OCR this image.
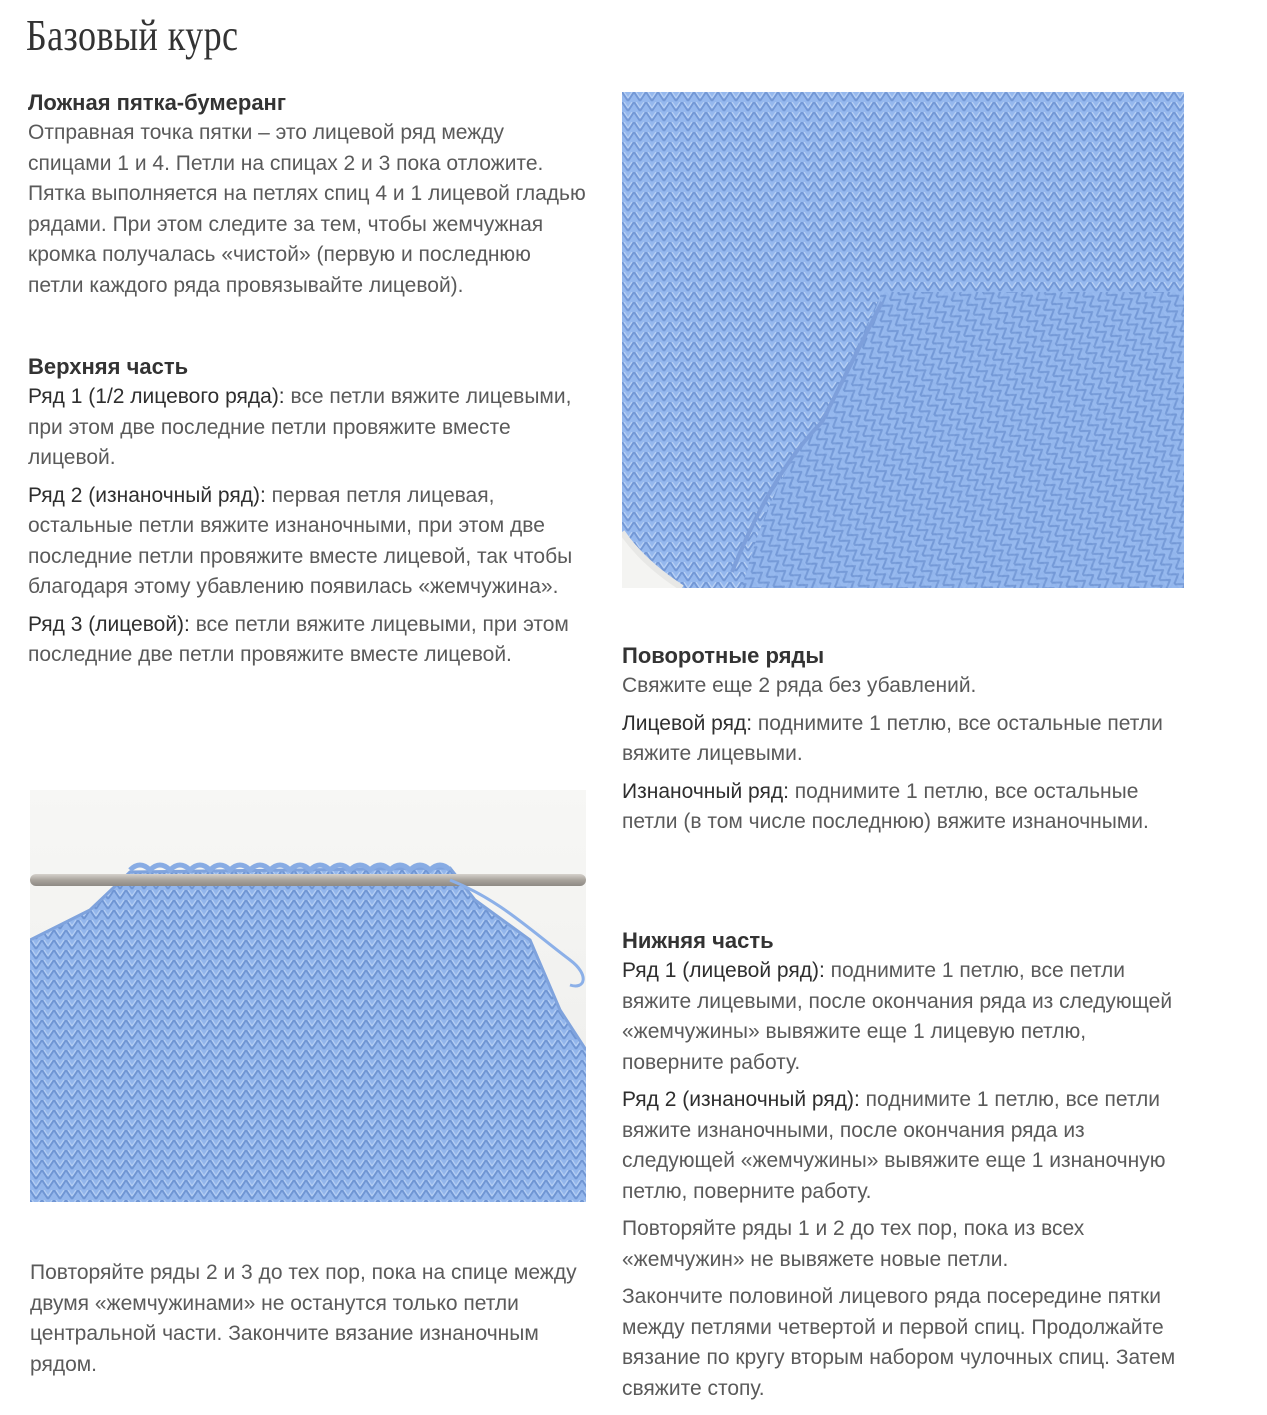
Базовый курс
Ложная пятка-бумеранг

Отправная точка пятки – это лицевой ряд между спицами 1 и 4. Петли на спицах 2 и 3 пока отложите. Пятка выполняется на петлях спиц 4 и 1 лицевой гладью рядами. При этом следите за тем, чтобы жемчужная кромка получалась «чистой» (первую и последнюю петли каждого ряда провязывайте лицевой).

Верхняя часть

Ряд 1 (1/2 лицевого ряда): все петли вяжите лицевыми, при этом две последние петли провяжите вместе лицевой.

Ряд 2 (изнаночный ряд): первая петля лицевая, остальные петли вяжите изнаночными, при этом две последние петли провяжите вместе лицевой, так чтобы благодаря этому убавлению появилась «жемчужина».

Ряд 3 (лицевой): все петли вяжите лицевыми, при этом последние две петли провяжите вместе лицевой.

Повторяйте ряды 2 и 3 до тех пор, пока на спице между двумя «жемчужинами» не останутся только петли центральной части. Закончите вязание изнаночным рядом.

Поворотные ряды

Свяжите еще 2 ряда без убавлений.

Лицевой ряд: поднимите 1 петлю, все остальные петли вяжите лицевыми.

Изнаночный ряд: поднимите 1 петлю, все остальные петли (в том числе последнюю) вяжите изнаночными.

Нижняя часть

Ряд 1 (лицевой ряд): поднимите 1 петлю, все петли вяжите лицевыми, после окончания ряда из следующей «жемчужины» вывяжите еще 1 лицевую петлю, поверните работу.

Ряд 2 (изнаночный ряд): поднимите 1 петлю, все петли вяжите изнаночными, после окончания ряда из следующей «жемчужины» вывяжите еще 1 изнаночную петлю, поверните работу.

Повторяйте ряды 1 и 2 до тех пор, пока из всех «жемчужин» не вывяжете новые петли.

Закончите половиной лицевого ряда посередине пятки между петлями четвертой и первой спиц. Продолжайте вязание по кругу вторым набором чулочных спиц. Затем свяжите стопу.
